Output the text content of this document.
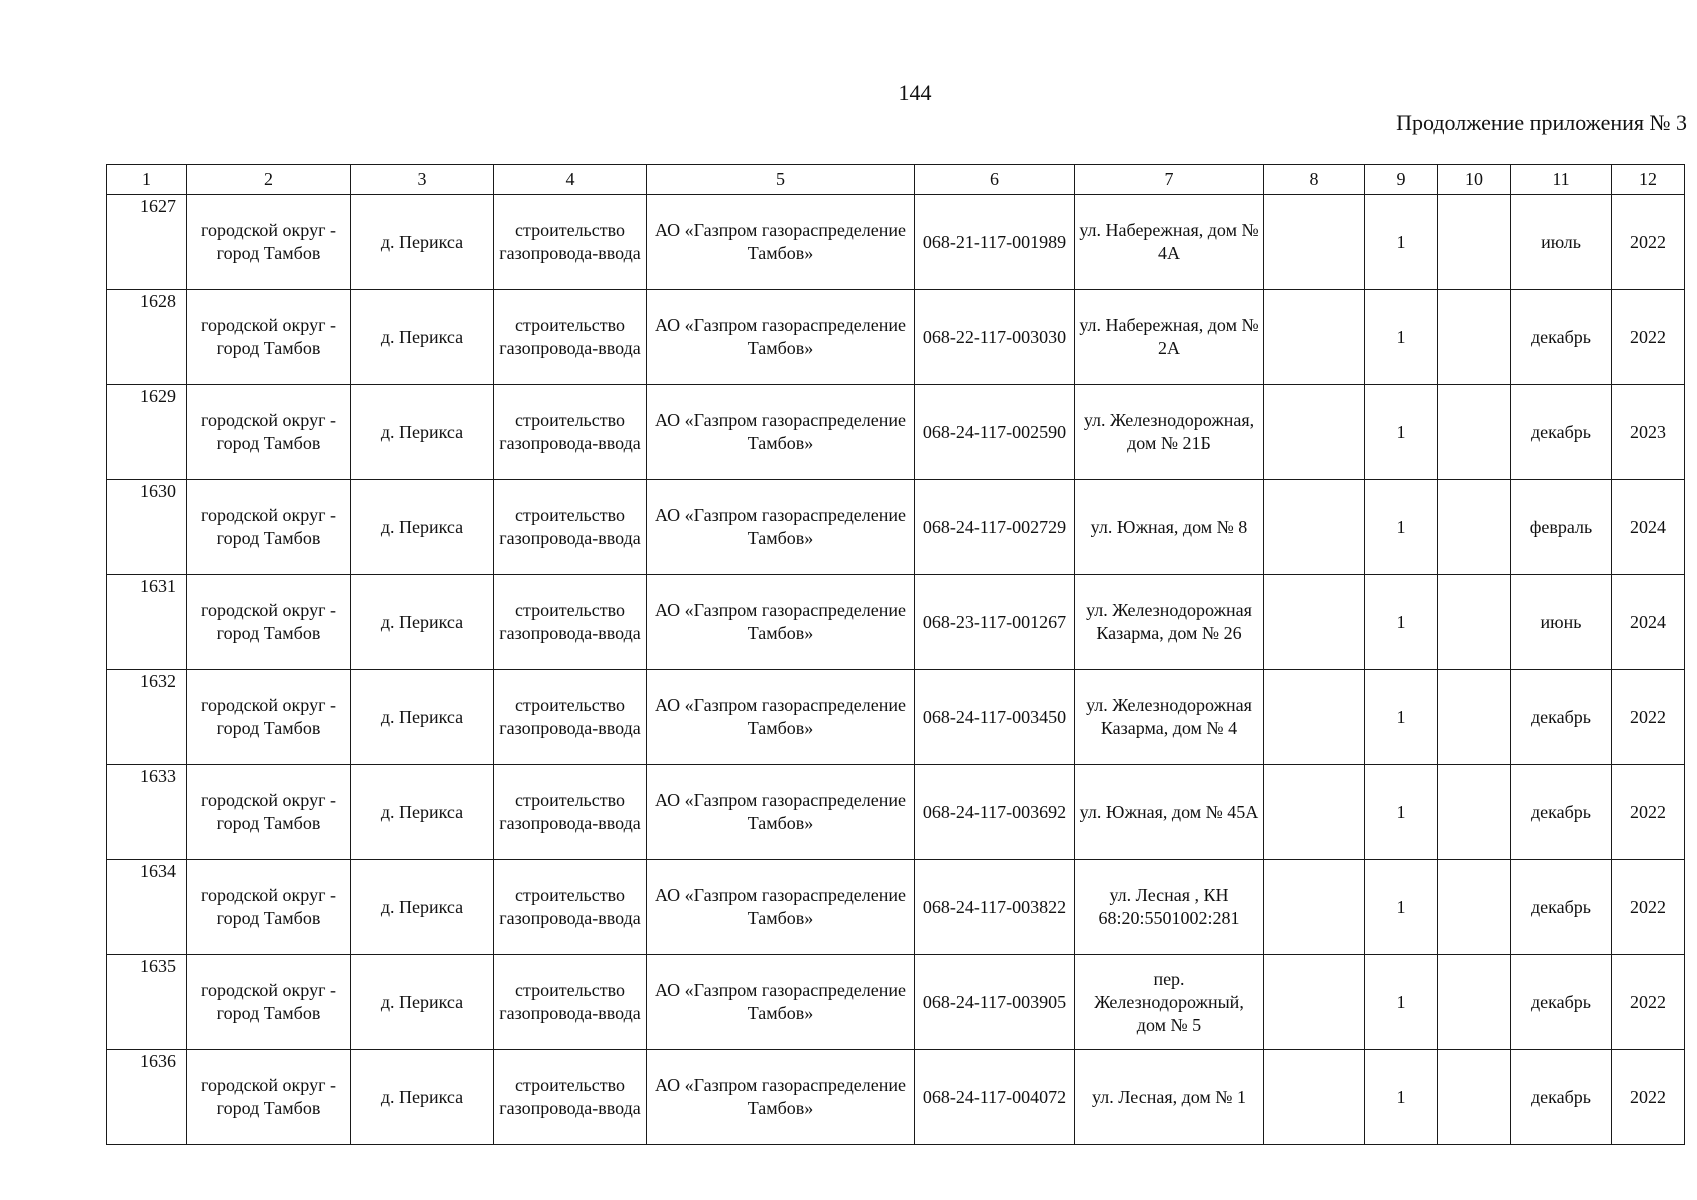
144
Продолжение приложения № 3
1	2	3	4	5	6	7	8	9	10	11	12
1627	городской округ - город Тамбов	д. Перикса	строительство газопровода-ввода	АО «Газпром газораспределение Тамбов»	068-21-117-001989	ул. Набережная, дом № 4А		1		июль	2022
1628	городской округ - город Тамбов	д. Перикса	строительство газопровода-ввода	АО «Газпром газораспределение Тамбов»	068-22-117-003030	ул. Набережная, дом № 2А		1		декабрь	2022
1629	городской округ - город Тамбов	д. Перикса	строительство газопровода-ввода	АО «Газпром газораспределение Тамбов»	068-24-117-002590	ул. Железнодорожная, дом № 21Б		1		декабрь	2023
1630	городской округ - город Тамбов	д. Перикса	строительство газопровода-ввода	АО «Газпром газораспределение Тамбов»	068-24-117-002729	ул. Южная, дом № 8		1		февраль	2024
1631	городской округ - город Тамбов	д. Перикса	строительство газопровода-ввода	АО «Газпром газораспределение Тамбов»	068-23-117-001267	ул. Железнодорожная Казарма, дом № 26		1		июнь	2024
1632	городской округ - город Тамбов	д. Перикса	строительство газопровода-ввода	АО «Газпром газораспределение Тамбов»	068-24-117-003450	ул. Железнодорожная Казарма, дом № 4		1		декабрь	2022
1633	городской округ - город Тамбов	д. Перикса	строительство газопровода-ввода	АО «Газпром газораспределение Тамбов»	068-24-117-003692	ул. Южная, дом № 45А		1		декабрь	2022
1634	городской округ - город Тамбов	д. Перикса	строительство газопровода-ввода	АО «Газпром газораспределение Тамбов»	068-24-117-003822	ул. Лесная , КН 68:20:5501002:281		1		декабрь	2022
1635	городской округ - город Тамбов	д. Перикса	строительство газопровода-ввода	АО «Газпром газораспределение Тамбов»	068-24-117-003905	пер. Железнодорожный, дом № 5		1		декабрь	2022
1636	городской округ - город Тамбов	д. Перикса	строительство газопровода-ввода	АО «Газпром газораспределение Тамбов»	068-24-117-004072	ул. Лесная, дом № 1		1		декабрь	2022
